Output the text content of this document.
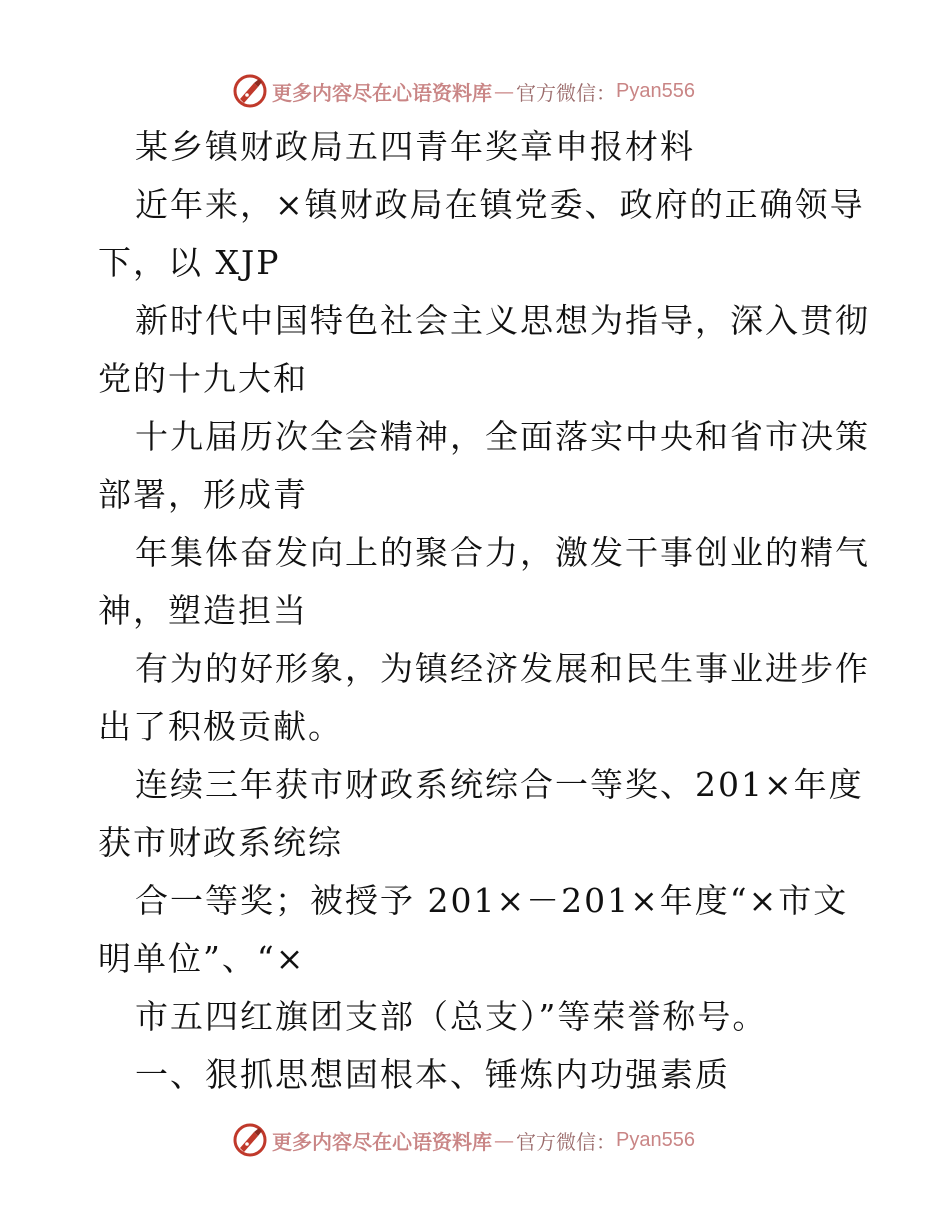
更多内容尽在心语资料库 — 官方微信： Pyan556
某乡镇财政局五四青年奖章申报材料
近年来，×镇财政局在镇党委、政府的正确领导
下，以 XJP
新时代中国特色社会主义思想为指导，深入贯彻
党的十九大和
十九届历次全会精神，全面落实中央和省市决策
部署，形成青
年集体奋发向上的聚合力，激发干事创业的精气
神，塑造担当
有为的好形象，为镇经济发展和民生事业进步作
出了积极贡献。
连续三年获市财政系统综合一等奖、201×年度
获市财政系统综
合一等奖；被授予 201×－201×年度“×市文
明单位”、“×
市五四红旗团支部（总支）”等荣誉称号。
一、狠抓思想固根本、锤炼内功强素质
更多内容尽在心语资料库 — 官方微信： Pyan556
